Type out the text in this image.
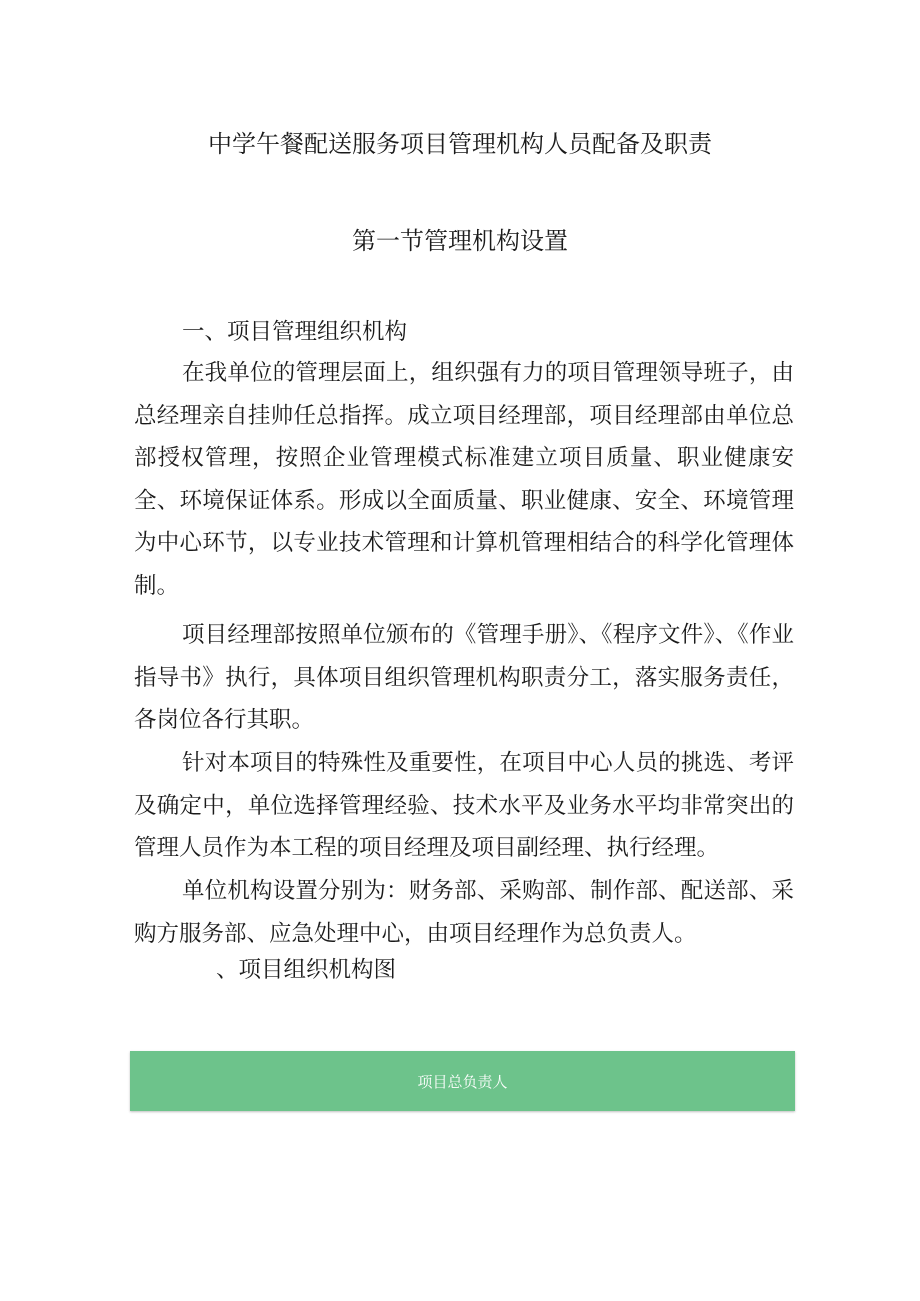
中学午餐配送服务项目管理机构人员配备及职责
第一节管理机构设置
一、项目管理组织机构

在我单位的管理层面上，组织强有力的项目管理领导班子，由总经理亲自挂帅任总指挥。成立项目经理部，项目经理部由单位总部授权管理，按照企业管理模式标准建立项目质量、职业健康安全、环境保证体系。形成以全面质量、职业健康、安全、环境管理为中心环节，以专业技术管理和计算机管理相结合的科学化管理体制。

项目经理部按照单位颁布的《管理手册》、《程序文件》、《作业指导书》执行，具体项目组织管理机构职责分工，落实服务责任，各岗位各行其职。

针对本项目的特殊性及重要性，在项目中心人员的挑选、考评及确定中，单位选择管理经验、技术水平及业务水平均非常突出的管理人员作为本工程的项目经理及项目副经理、执行经理。

单位机构设置分别为：财务部、采购部、制作部、配送部、采购方服务部、应急处理中心，由项目经理作为总负责人。

、项目组织机构图
项目总负责人
